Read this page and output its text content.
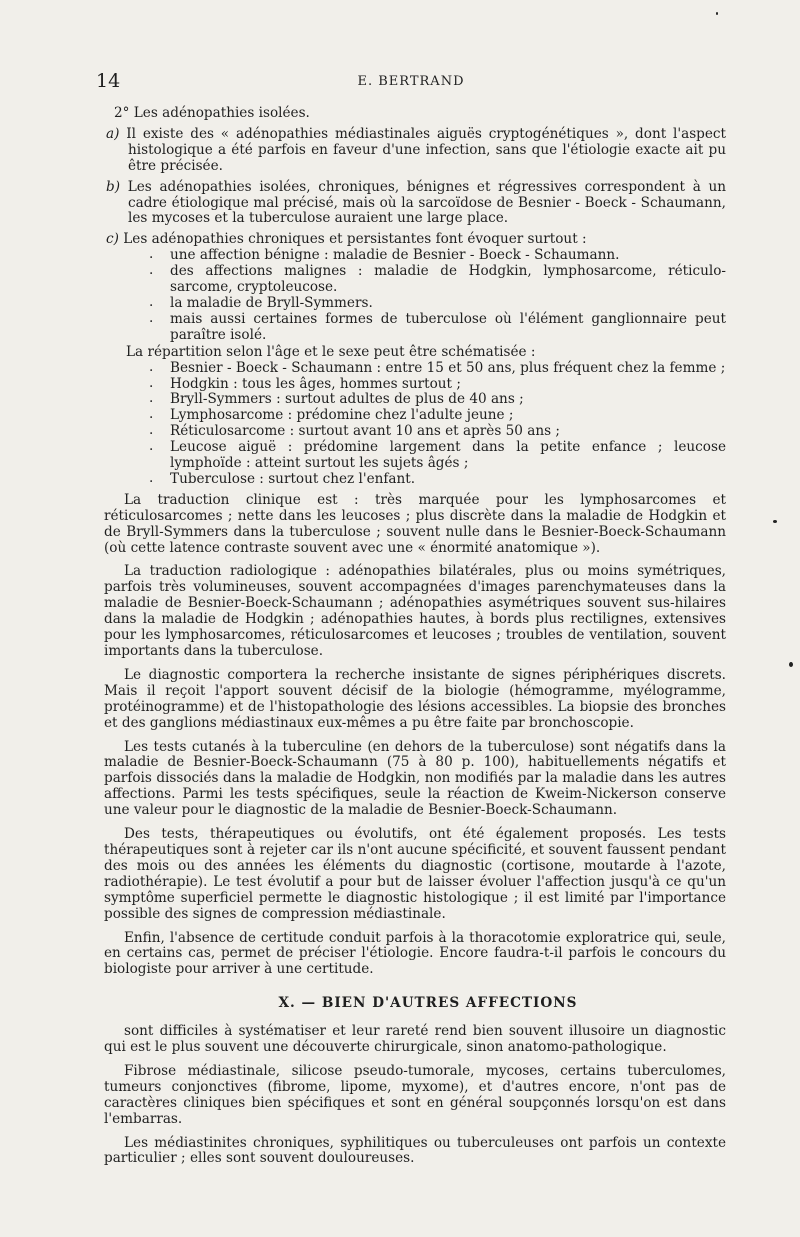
14	E. BERTRAND

2° Les adénopathies isolées.

a) Il existe des « adénopathies médiastinales aiguës cryptogénétiques », dont l'aspect histologique a été parfois en faveur d'une infection, sans que l'étiologie exacte ait pu être précisée.

b) Les adénopathies isolées, chroniques, bénignes et régressives correspondent à un cadre étiologique mal précisé, mais où la sarcoïdose de Besnier - Boeck - Schaumann, les mycoses et la tuberculose auraient une large place.

c) Les adénopathies chroniques et persistantes font évoquer surtout :

. une affection bénigne : maladie de Besnier - Boeck - Schaumann.
. des affections malignes : maladie de Hodgkin, lymphosarcome, réticulo-sarcome, cryptoleucose.
. la maladie de Bryll-Symmers.
. mais aussi certaines formes de tuberculose où l'élément ganglionnaire peut paraître isolé.

La répartition selon l'âge et le sexe peut être schématisée :

. Besnier - Boeck - Schaumann : entre 15 et 50 ans, plus fréquent chez la femme ;
. Hodgkin : tous les âges, hommes surtout ;
. Bryll-Symmers : surtout adultes de plus de 40 ans ;
. Lymphosarcome : prédomine chez l'adulte jeune ;
. Réticulosarcome : surtout avant 10 ans et après 50 ans ;
. Leucose aiguë : prédomine largement dans la petite enfance ; leucose lymphoïde : atteint surtout les sujets âgés ;
. Tuberculose : surtout chez l'enfant.

La traduction clinique est : très marquée pour les lymphosarcomes et réticulosarcomes ; nette dans les leucoses ; plus discrète dans la maladie de Hodgkin et de Bryll-Symmers dans la tuberculose ; souvent nulle dans le Besnier-Boeck-Schaumann (où cette latence contraste souvent avec une « énormité anatomique »).

La traduction radiologique : adénopathies bilatérales, plus ou moins symétriques, parfois très volumineuses, souvent accompagnées d'images parenchymateuses dans la maladie de Besnier-Boeck-Schaumann ; adénopathies asymétriques souvent sus-hilaires dans la maladie de Hodgkin ; adénopathies hautes, à bords plus rectilignes, extensives pour les lymphosarcomes, réticulosarcomes et leucoses ; troubles de ventilation, souvent importants dans la tuberculose.

Le diagnostic comportera la recherche insistante de signes périphériques discrets. Mais il reçoit l'apport souvent décisif de la biologie (hémogramme, myélogramme, protéinogramme) et de l'histopathologie des lésions accessibles. La biopsie des bronches et des ganglions médiastinaux eux-mêmes a pu être faite par bronchoscopie.

Les tests cutanés à la tuberculine (en dehors de la tuberculose) sont négatifs dans la maladie de Besnier-Boeck-Schaumann (75 à 80 p. 100), habituellements négatifs et parfois dissociés dans la maladie de Hodgkin, non modifiés par la maladie dans les autres affections. Parmi les tests spécifiques, seule la réaction de Kweim-Nickerson conserve une valeur pour le diagnostic de la maladie de Besnier-Boeck-Schaumann.

Des tests, thérapeutiques ou évolutifs, ont été également proposés. Les tests thérapeutiques sont à rejeter car ils n'ont aucune spécificité, et souvent faussent pendant des mois ou des années les éléments du diagnostic (cortisone, moutarde à l'azote, radiothérapie). Le test évolutif a pour but de laisser évoluer l'affection jusqu'à ce qu'un symptôme superficiel permette le diagnostic histologique ; il est limité par l'importance possible des signes de compression médiastinale.

Enfin, l'absence de certitude conduit parfois à la thoracotomie exploratrice qui, seule, en certains cas, permet de préciser l'étiologie. Encore faudra-t-il parfois le concours du biologiste pour arriver à une certitude.

X. — BIEN D'AUTRES AFFECTIONS

sont difficiles à systématiser et leur rareté rend bien souvent illusoire un diagnostic qui est le plus souvent une découverte chirurgicale, sinon anatomo-pathologique.

Fibrose médiastinale, silicose pseudo-tumorale, mycoses, certains tuberculomes, tumeurs conjonctives (fibrome, lipome, myxome), et d'autres encore, n'ont pas de caractères cliniques bien spécifiques et sont en général soupçonnés lorsqu'on est dans l'embarras.

Les médiastinites chroniques, syphilitiques ou tuberculeuses ont parfois un contexte particulier ; elles sont souvent douloureuses.
